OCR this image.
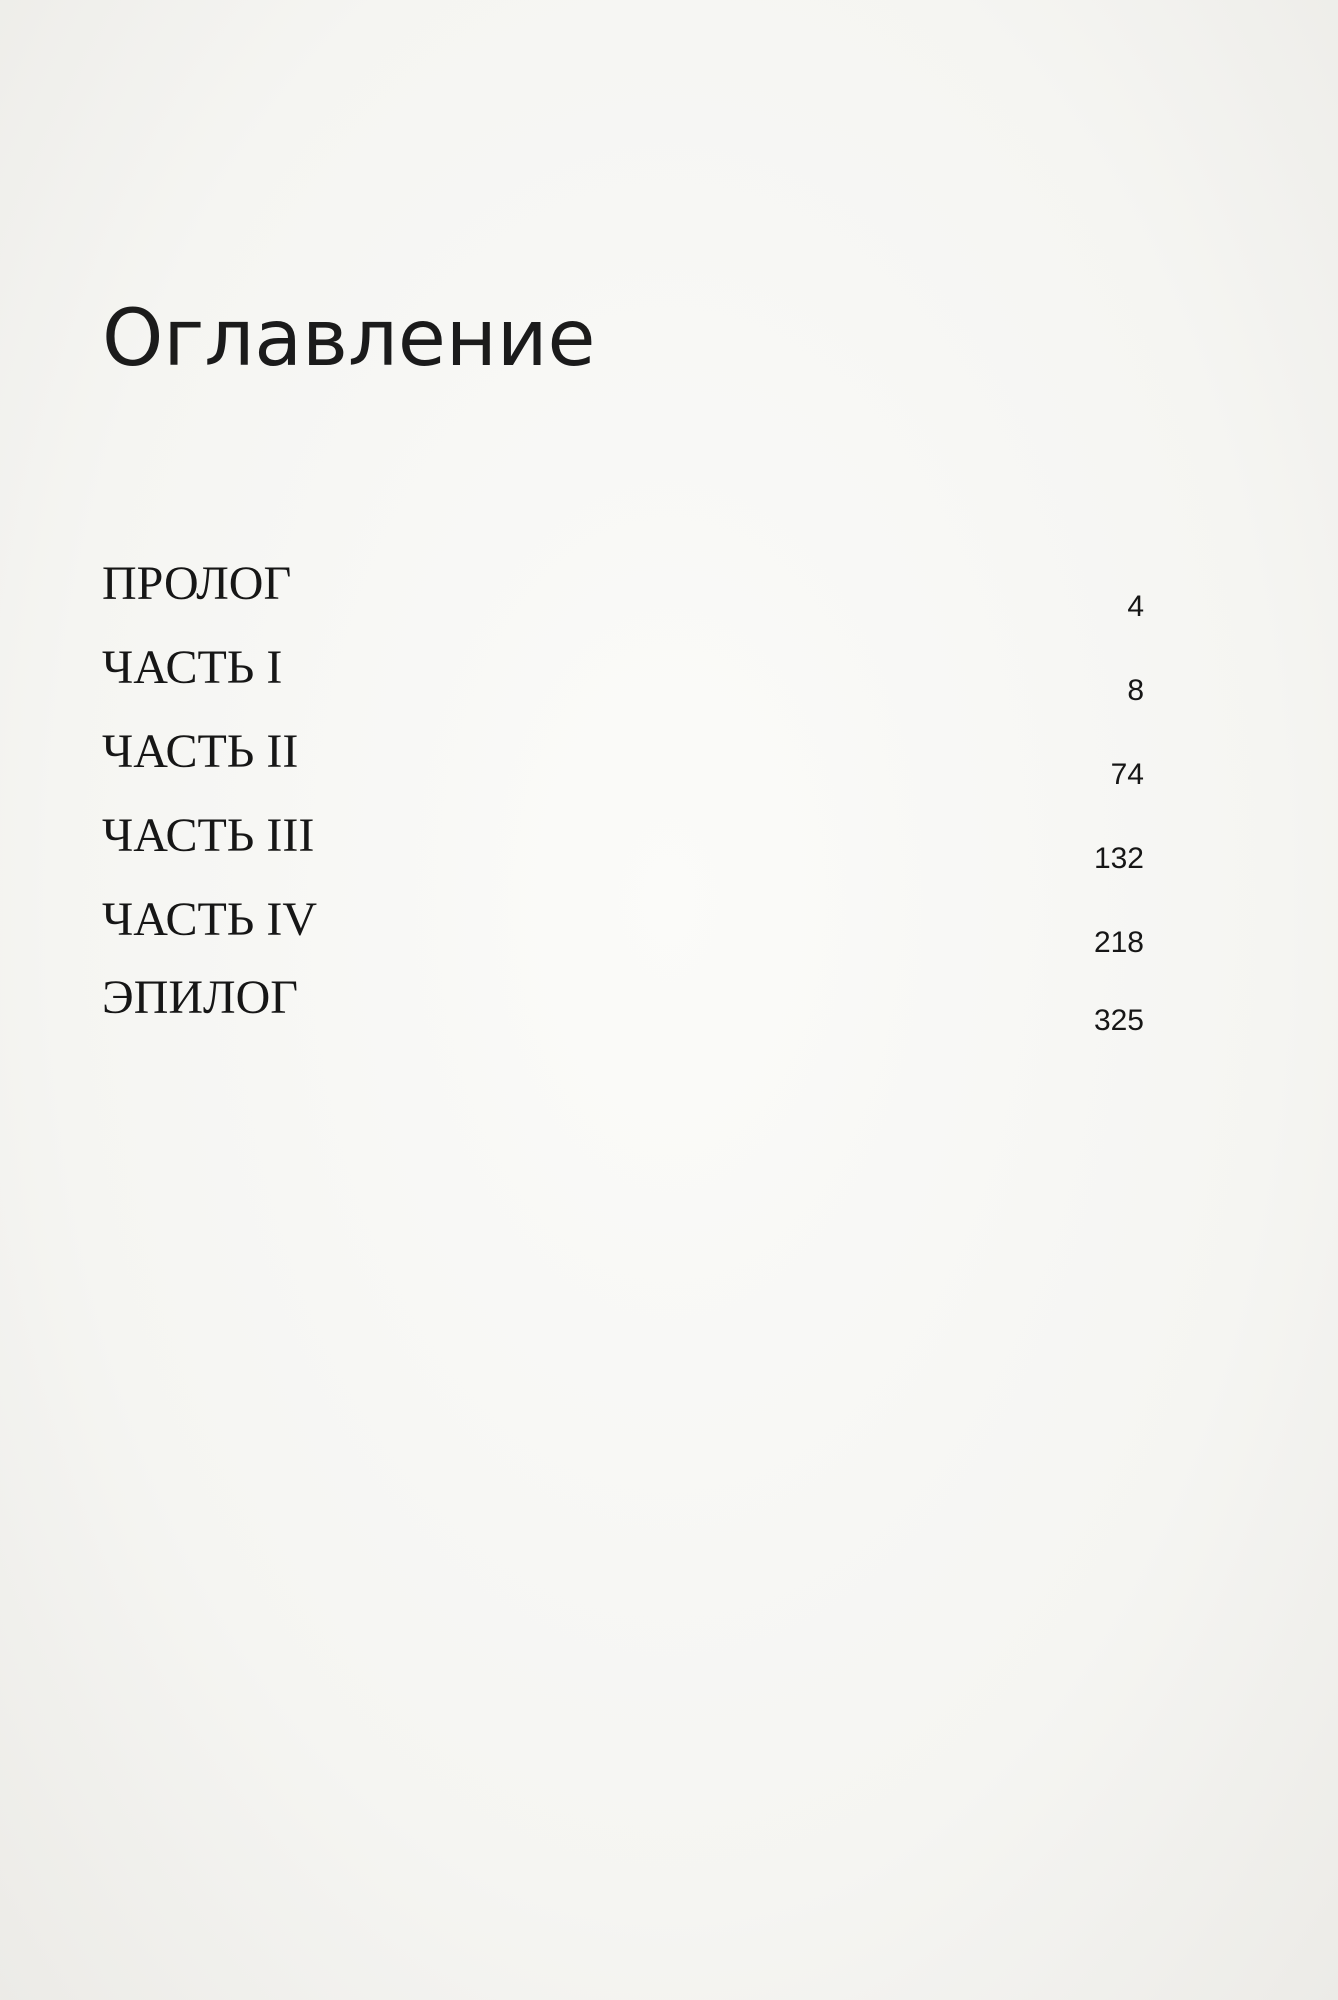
Оглавление
ПРОЛОГ	4
ЧАСТЬ I	8
ЧАСТЬ II	74
ЧАСТЬ III	132
ЧАСТЬ IV	218
ЭПИЛОГ	325
